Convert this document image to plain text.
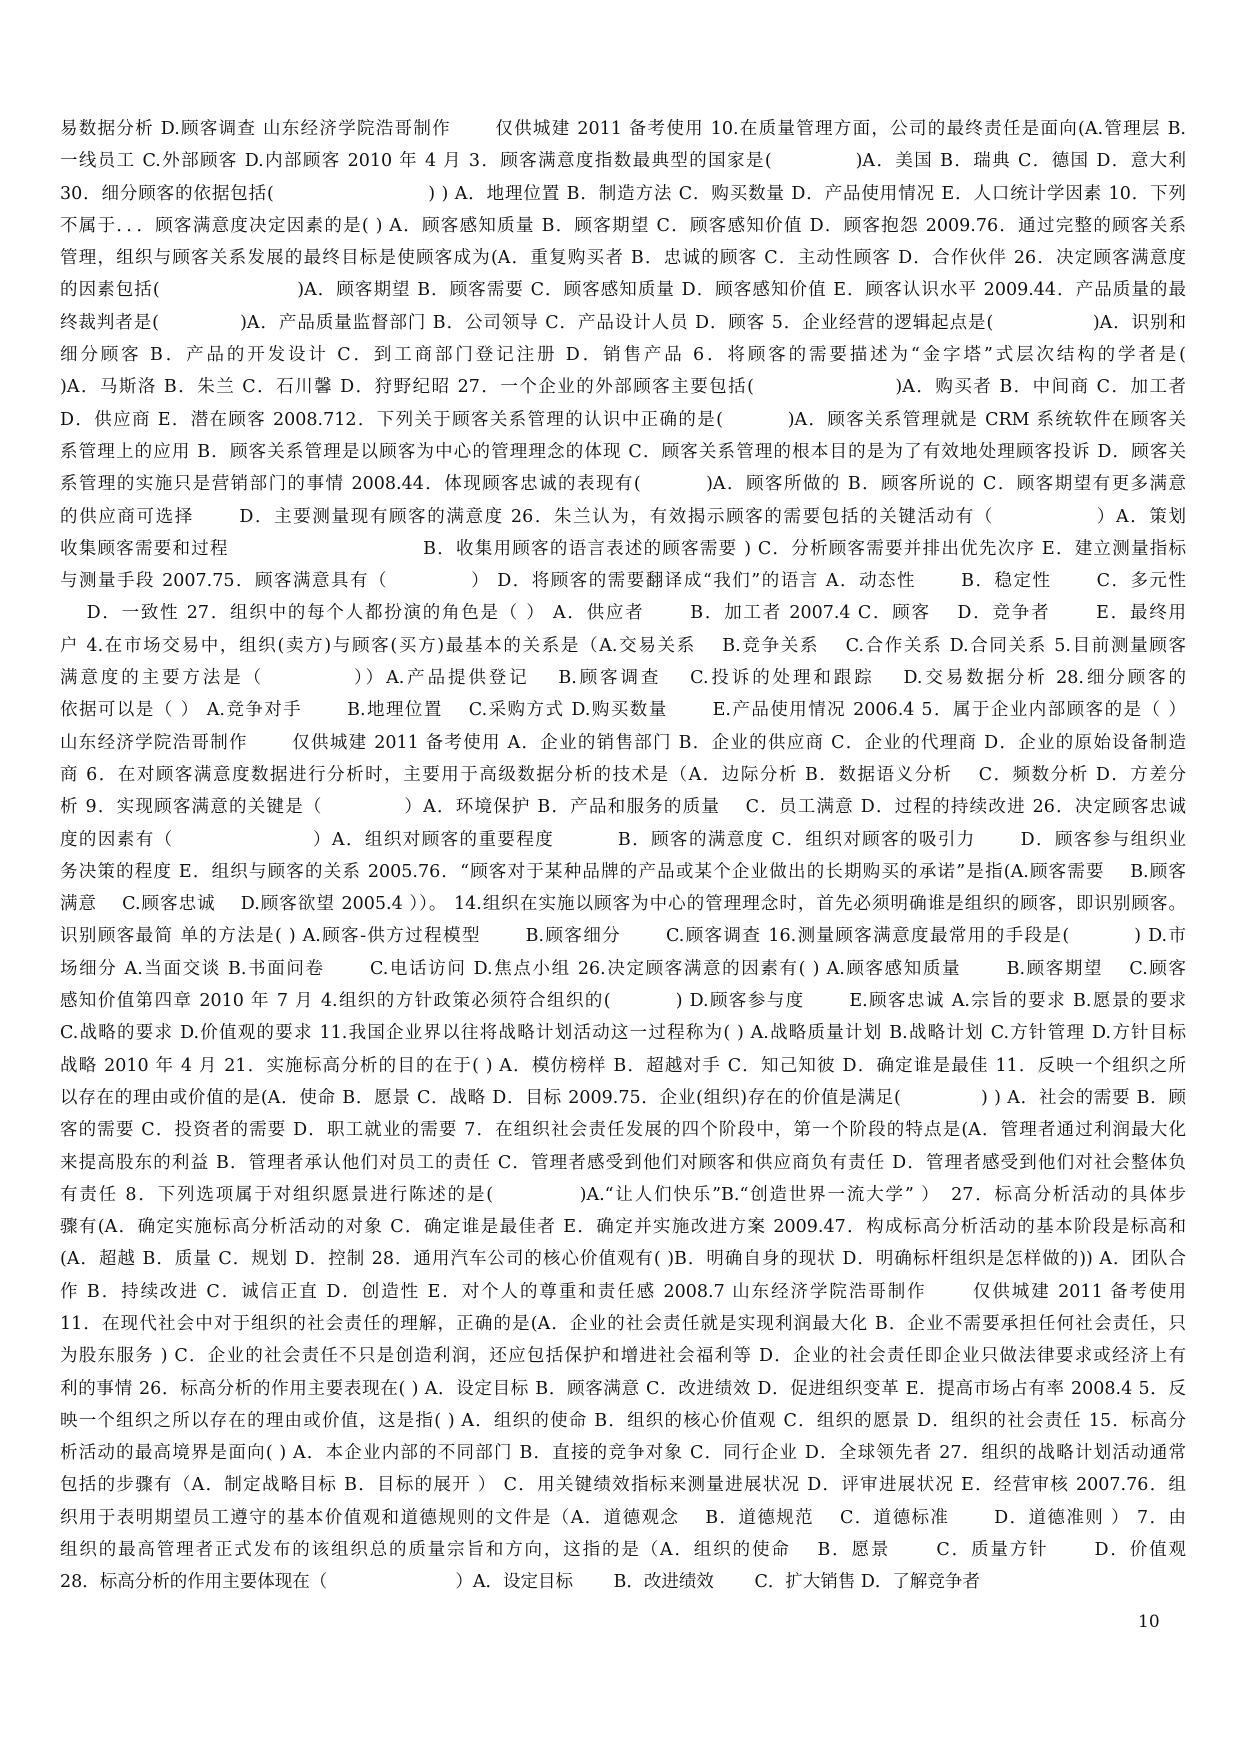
易数据分析 D.顾客调查 山东经济学院浩哥制作　　 仅供城建 2011 备考使用 10.在质量管理方面，公司的最终责任是面向(A.管理层 B.
一线员工 C.外部顾客 D.内部顾客 2010 年 4 月 3．顾客满意度指数最典型的国家是(　　　　 )A．美国 B．瑞典 C．德国 D．意大利
30．细分顾客的依据包括(　　　　　　　　 ) ) A．地理位置 B．制造方法 C．购买数量 D．产品使用情况 E．人口统计学因素 10．下列
不属于．．．顾客满意度决定因素的是( ) A．顾客感知质量 B．顾客期望 C．顾客感知价值 D．顾客抱怨 2009.76．通过完整的顾客关系
管理，组织与顾客关系发展的最终目标是使顾客成为(A．重复购买者 B．忠诚的顾客 C．主动性顾客 D．合作伙伴 26．决定顾客满意度
的因素包括(　　　　　　　 )A．顾客期望 B．顾客需要 C．顾客感知质量 D．顾客感知价值 E．顾客认识水平 2009.44．产品质量的最
终裁判者是(　　　　 )A．产品质量监督部门 B．公司领导 C．产品设计人员 D．顾客 5．企业经营的逻辑起点是(　　　　　 )A．识别和
细分顾客 B．产品的开发设计 C．到工商部门登记注册 D．销售产品 6．将顾客的需要描述为“金字塔”式层次结构的学者是(
)A．马斯洛 B．朱兰 C．石川馨 D．狩野纪昭 27．一个企业的外部顾客主要包括(　　　　　　　 )A．购买者 B．中间商 C．加工者
D．供应商 E．潜在顾客 2008.712．下列关于顾客关系管理的认识中正确的是(　　　 )A．顾客关系管理就是 CRM 系统软件在顾客关
系管理上的应用 B．顾客关系管理是以顾客为中心的管理理念的体现 C．顾客关系管理的根本目的是为了有效地处理顾客投诉 D．顾客关
系管理的实施只是营销部门的事情 2008.44．体现顾客忠诚的表现有(　　　 )A．顾客所做的 B．顾客所说的 C．顾客期望有更多满意
的供应商可选择　　 D．主要测量现有顾客的满意度 26．朱兰认为，有效揭示顾客的需要包括的关键活动有（　　　　　 ）A．策划
收集顾客需要和过程　　　　　　　　　　 B．收集用顾客的语言表述的顾客需要 ) C．分析顾客需要并排出优先次序 E．建立测量指标
与测量手段 2007.75．顾客满意具有（　　　　 ） D．将顾客的需要翻译成“我们”的语言 A．动态性　　 B．稳定性　　 C．多元性
　 D．一致性 27．组织中的每个人都扮演的角色是（ ） A．供应者　　 B．加工者 2007.4 C．顾客　 D．竞争者　　 E．最终用
户 4.在市场交易中，组织(卖方)与顾客(买方)最基本的关系是（A.交易关系　 B.竞争关系　 C.合作关系 D.合同关系 5.目前测量顾客
满意度的主要方法是（　　　　 ））A.产品提供登记　 B.顾客调查　 C.投诉的处理和跟踪　 D.交易数据分析 28.细分顾客的
依据可以是（ ） A.竞争对手　　 B.地理位置　 C.采购方式 D.购买数量　　 E.产品使用情况 2006.4 5．属于企业内部顾客的是（ ）
山东经济学院浩哥制作　　 仅供城建 2011 备考使用 A．企业的销售部门 B．企业的供应商 C．企业的代理商 D．企业的原始设备制造
商 6．在对顾客满意度数据进行分析时，主要用于高级数据分析的技术是（A．边际分析 B．数据语义分析　 C．频数分析 D．方差分
析 9．实现顾客满意的关键是（　　　　 ）A．环境保护 B．产品和服务的质量　 C．员工满意 D．过程的持续改进 26．决定顾客忠诚
度的因素有（　　　　　　　 ）A．组织对顾客的重要程度　　　 B．顾客的满意度 C．组织对顾客的吸引力　　 D．顾客参与组织业
务决策的程度 E．组织与顾客的关系 2005.76．“顾客对于某种品牌的产品或某个企业做出的长期购买的承诺”是指(A.顾客需要　 B.顾客
满意　 C.顾客忠诚　 D.顾客欲望 2005.4 ））。 14.组织在实施以顾客为中心的管理理念时，首先必须明确谁是组织的顾客，即识别顾客。
识别顾客最简 单的方法是( ) A.顾客-供方过程模型　　 B.顾客细分　　 C.顾客调查 16.测量顾客满意度最常用的手段是(　　　 ) D.市
场细分 A.当面交谈 B.书面问卷　　 C.电话访问 D.焦点小组 26.决定顾客满意的因素有( ) A.顾客感知质量　　 B.顾客期望　 C.顾客
感知价值第四章 2010 年 7 月 4.组织的方针政策必须符合组织的(　　　 ) D.顾客参与度　　 E.顾客忠诚 A.宗旨的要求 B.愿景的要求
C.战略的要求 D.价值观的要求 11.我国企业界以往将战略计划活动这一过程称为( ) A.战略质量计划 B.战略计划 C.方针管理 D.方针目标
战略 2010 年 4 月 21．实施标高分析的目的在于( ) A．模仿榜样 B．超越对手 C．知己知彼 D．确定谁是最佳 11．反映一个组织之所
以存在的理由或价值的是(A．使命 B．愿景 C．战略 D．目标 2009.75．企业(组织)存在的价值是满足(　　　　 ) ) A．社会的需要 B．顾
客的需要 C．投资者的需要 D．职工就业的需要 7．在组织社会责任发展的四个阶段中，第一个阶段的特点是(A．管理者通过利润最大化
来提高股东的利益 B．管理者承认他们对员工的责任 C．管理者感受到他们对顾客和供应商负有责任 D．管理者感受到他们对社会整体负
有责任 8．下列选项属于对组织愿景进行陈述的是(　　　　 )A.“让人们快乐”B.“创造世界一流大学” ）　27．标高分析活动的具体步
骤有(A．确定实施标高分析活动的对象 C．确定谁是最佳者 E．确定并实施改进方案 2009.47．构成标高分析活动的基本阶段是标高和
(A．超越 B．质量 C．规划 D．控制 28．通用汽车公司的核心价值观有( )B．明确自身的现状 D．明确标杆组织是怎样做的)) A．团队合
作 B．持续改进 C．诚信正直 D．创造性 E．对个人的尊重和责任感 2008.7 山东经济学院浩哥制作　　 仅供城建 2011 备考使用
11．在现代社会中对于组织的社会责任的理解，正确的是(A．企业的社会责任就是实现利润最大化 B．企业不需要承担任何社会责任，只
为股东服务 ) C．企业的社会责任不只是创造利润，还应包括保护和增进社会福利等 D．企业的社会责任即企业只做法律要求或经济上有
利的事情 26．标高分析的作用主要表现在( ) A．设定目标 B．顾客满意 C．改进绩效 D．促进组织变革 E．提高市场占有率 2008.4 5．反
映一个组织之所以存在的理由或价值，这是指( ) A．组织的使命 B．组织的核心价值观 C．组织的愿景 D．组织的社会责任 15．标高分
析活动的最高境界是面向( ) A．本企业内部的不同部门 B．直接的竞争对象 C．同行企业 D．全球领先者 27．组织的战略计划活动通常
包括的步骤有（A．制定战略目标 B．目标的展开 ） C．用关键绩效指标来测量进展状况 D．评审进展状况 E．经营审核 2007.76．组
织用于表明期望员工遵守的基本价值观和道德规则的文件是（A．道德观念　 B．道德规范　 C．道德标准　　 D．道德准则 ） 7．由
组织的最高管理者正式发布的该组织总的质量宗旨和方向，这指的是（A．组织的使命　 B．愿景　　 C．质量方针　　 D．价值观
28．标高分析的作用主要体现在（　　　　　　　 ）A．设定目标　　 B．改进绩效　　 C．扩大销售 D．了解竞争者
10
